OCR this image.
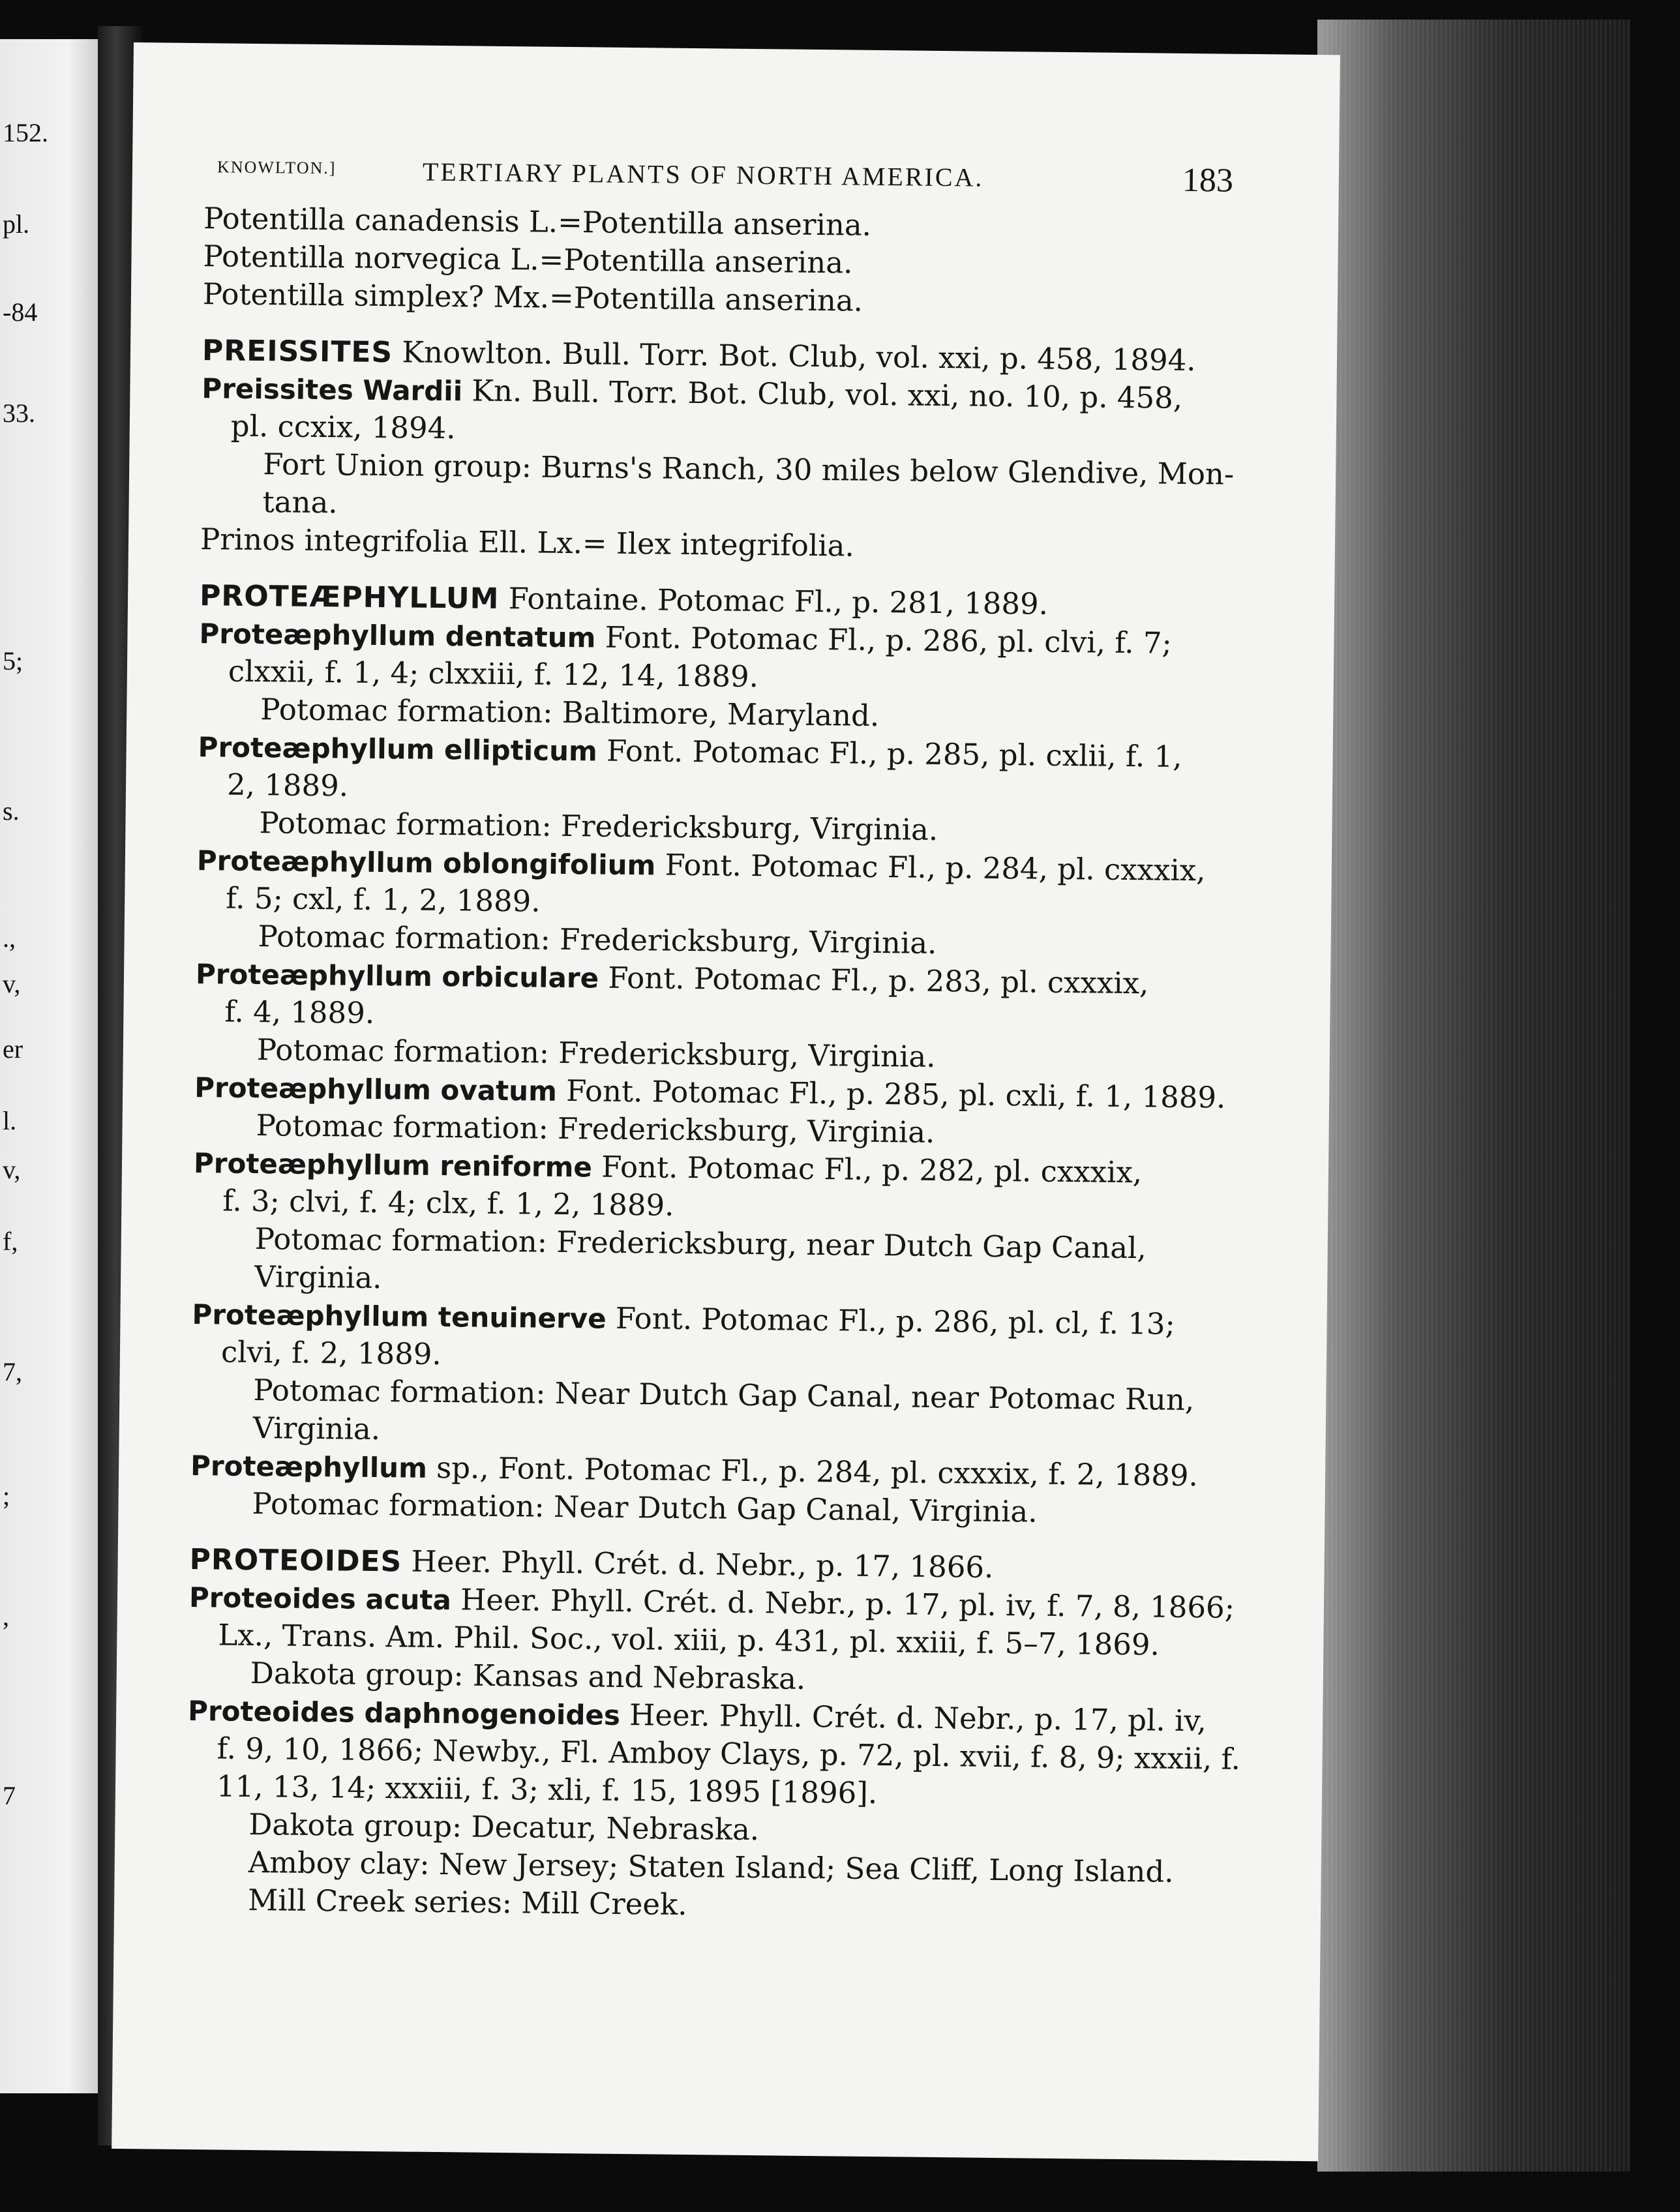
152.
pl.
-84
33.
5;
s.
.,
v,
er
l.
v,
f,
7,
;
,
7
KNOWLTON.]	TERTIARY PLANTS OF NORTH AMERICA.	183
Potentilla canadensis L.=Potentilla anserina.
Potentilla norvegica L.=Potentilla anserina.
Potentilla simplex? Mx.=Potentilla anserina.
PREISSITES Knowlton. Bull. Torr. Bot. Club, vol. xxi, p. 458, 1894.
Preissites Wardii Kn. Bull. Torr. Bot. Club, vol. xxi, no. 10, p. 458,
pl. ccxix, 1894.
Fort Union group: Burns's Ranch, 30 miles below Glendive, Mon-
tana.
Prinos integrifolia Ell. Lx.= Ilex integrifolia.
PROTEÆPHYLLUM Fontaine. Potomac Fl., p. 281, 1889.
Proteæphyllum dentatum Font. Potomac Fl., p. 286, pl. clvi, f. 7;
clxxii, f. 1, 4; clxxiii, f. 12, 14, 1889.
Potomac formation: Baltimore, Maryland.
Proteæphyllum ellipticum Font. Potomac Fl., p. 285, pl. cxlii, f. 1,
2, 1889.
Potomac formation: Fredericksburg, Virginia.
Proteæphyllum oblongifolium Font. Potomac Fl., p. 284, pl. cxxxix,
f. 5; cxl, f. 1, 2, 1889.
Potomac formation: Fredericksburg, Virginia.
Proteæphyllum orbiculare Font. Potomac Fl., p. 283, pl. cxxxix,
f. 4, 1889.
Potomac formation: Fredericksburg, Virginia.
Proteæphyllum ovatum Font. Potomac Fl., p. 285, pl. cxli, f. 1, 1889.
Potomac formation: Fredericksburg, Virginia.
Proteæphyllum reniforme Font. Potomac Fl., p. 282, pl. cxxxix,
f. 3; clvi, f. 4; clx, f. 1, 2, 1889.
Potomac formation: Fredericksburg, near Dutch Gap Canal,
Virginia.
Proteæphyllum tenuinerve Font. Potomac Fl., p. 286, pl. cl, f. 13;
clvi, f. 2, 1889.
Potomac formation: Near Dutch Gap Canal, near Potomac Run,
Virginia.
Proteæphyllum sp., Font. Potomac Fl., p. 284, pl. cxxxix, f. 2, 1889.
Potomac formation: Near Dutch Gap Canal, Virginia.
PROTEOIDES Heer. Phyll. Crét. d. Nebr., p. 17, 1866.
Proteoides acuta Heer. Phyll. Crét. d. Nebr., p. 17, pl. iv, f. 7, 8, 1866;
Lx., Trans. Am. Phil. Soc., vol. xiii, p. 431, pl. xxiii, f. 5–7, 1869.
Dakota group: Kansas and Nebraska.
Proteoides daphnogenoides Heer. Phyll. Crét. d. Nebr., p. 17, pl. iv,
f. 9, 10, 1866; Newby., Fl. Amboy Clays, p. 72, pl. xvii, f. 8, 9; xxxii, f.
11, 13, 14; xxxiii, f. 3; xli, f. 15, 1895 [1896].
Dakota group: Decatur, Nebraska.
Amboy clay: New Jersey; Staten Island; Sea Cliff, Long Island.
Mill Creek series: Mill Creek.
